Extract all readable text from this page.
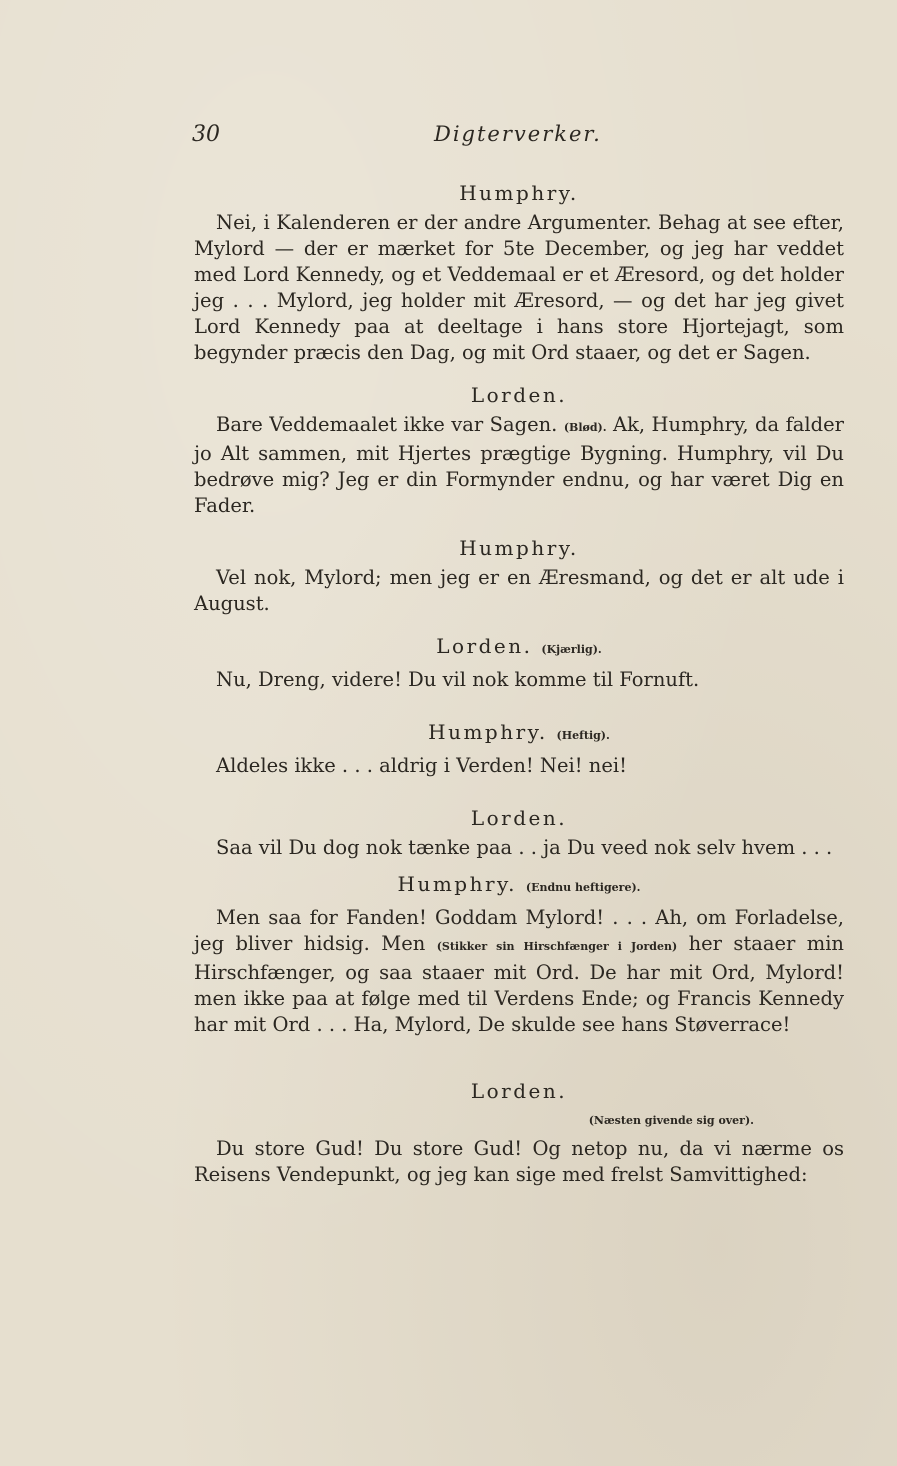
30	Digterverker.
Humphry.

Nei, i Kalenderen er der andre Argumenter. Behag at see efter, Mylord — der er mærket for 5te December, og jeg har veddet med Lord Kennedy, og et Veddemaal er et Æresord, og det holder jeg . . . Mylord, jeg holder mit Æresord, — og det har jeg givet Lord Kennedy paa at deeltage i hans store Hjortejagt, som begynder præcis den Dag, og mit Ord staaer, og det er Sagen.

Lorden.

Bare Veddemaalet ikke var Sagen. (Blød). Ak, Humphry, da falder jo Alt sammen, mit Hjertes prægtige Bygning. Humphry, vil Du bedrøve mig? Jeg er din Formynder endnu, og har været Dig en Fader.

Humphry.

Vel nok, Mylord; men jeg er en Æresmand, og det er alt ude i August.

Lorden. (Kjærlig).

Nu, Dreng, videre! Du vil nok komme til Fornuft.

Humphry. (Heftig).

Aldeles ikke . . . aldrig i Verden! Nei! nei!

Lorden.

Saa vil Du dog nok tænke paa . . ja Du veed nok selv hvem . . .

Humphry. (Endnu heftigere).

Men saa for Fanden! Goddam Mylord! . . . Ah, om Forladelse, jeg bliver hidsig. Men (Stikker sin Hirschfænger i Jorden) her staaer min Hirschfænger, og saa staaer mit Ord. De har mit Ord, Mylord! men ikke paa at følge med til Verdens Ende; og Francis Kennedy har mit Ord . . . Ha, Mylord, De skulde see hans Støverrace!

Lorden.
(Næsten givende sig over).

Du store Gud! Du store Gud! Og netop nu, da vi nærme os Reisens Vendepunkt, og jeg kan sige med frelst Samvittighed:
